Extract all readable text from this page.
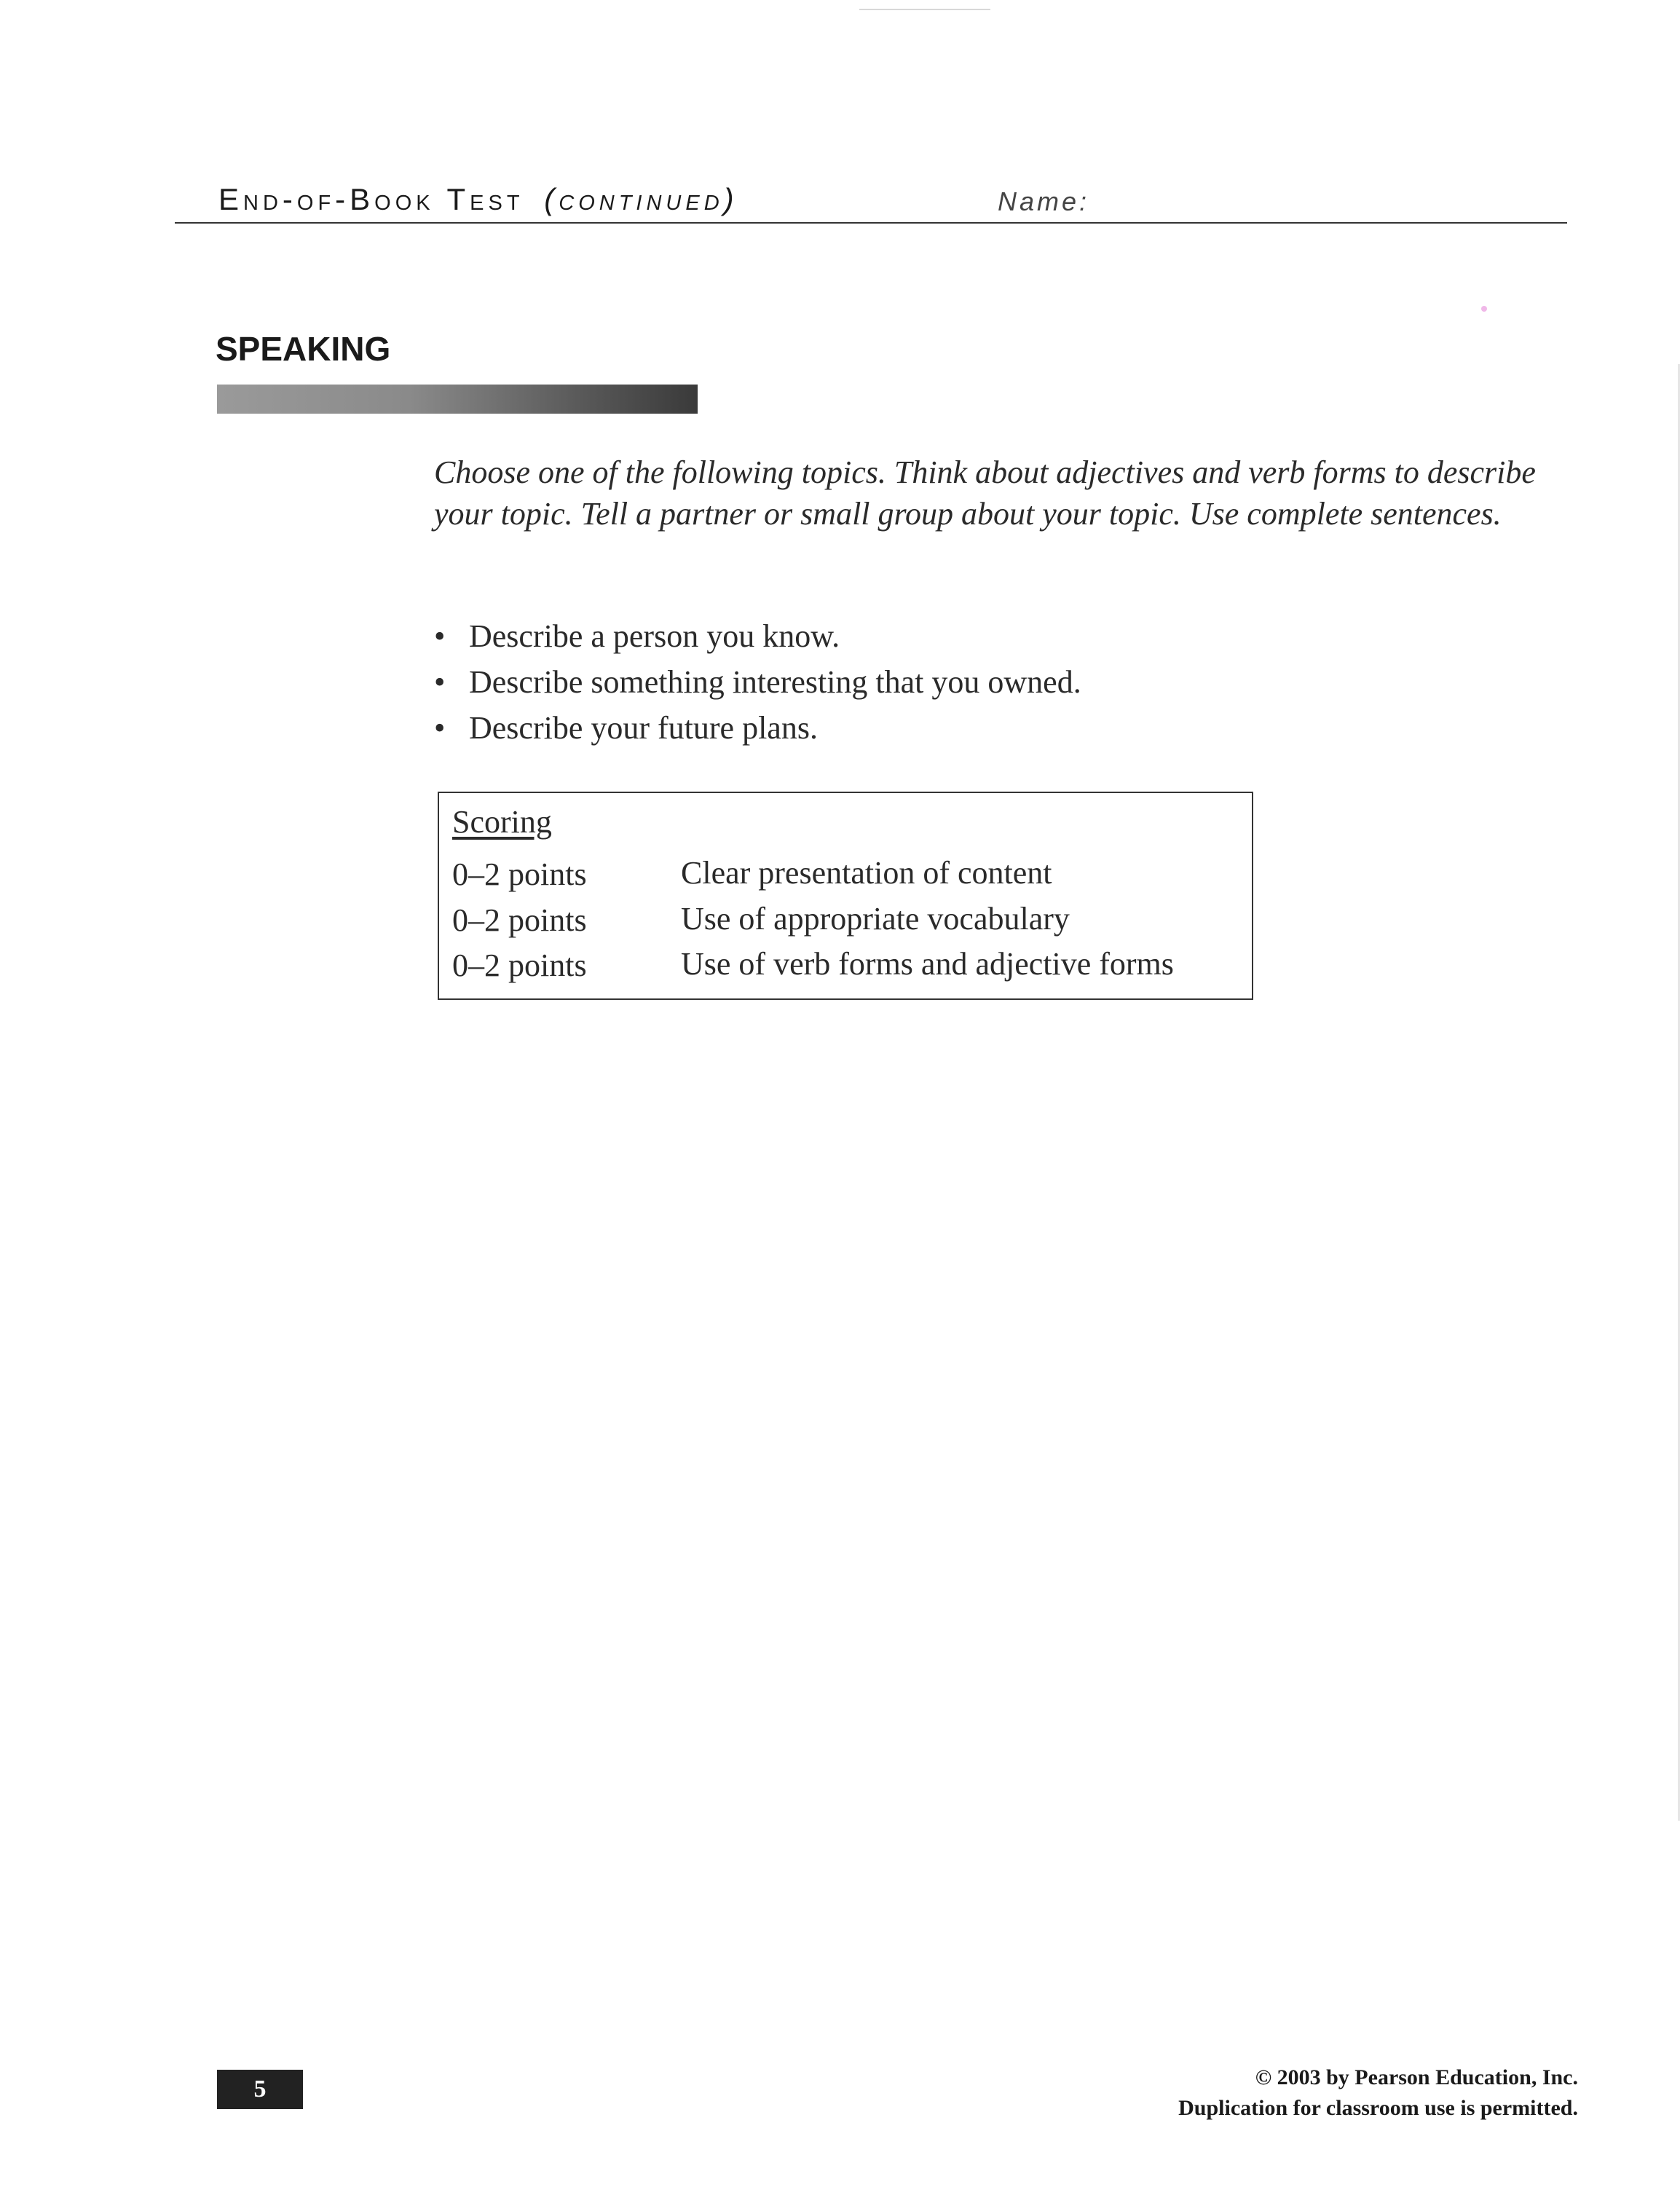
End-of-Book Test (continued)	Name:
SPEAKING
Choose one of the following topics. Think about adjectives and verb forms to describe your topic. Tell a partner or small group about your topic. Use complete sentences.
• Describe a person you know.
• Describe something interesting that you owned.
• Describe your future plans.
Scoring
0–2 points	Clear presentation of content
0–2 points	Use of appropriate vocabulary
0–2 points	Use of verb forms and adjective forms
5	© 2003 by Pearson Education, Inc.
Duplication for classroom use is permitted.
